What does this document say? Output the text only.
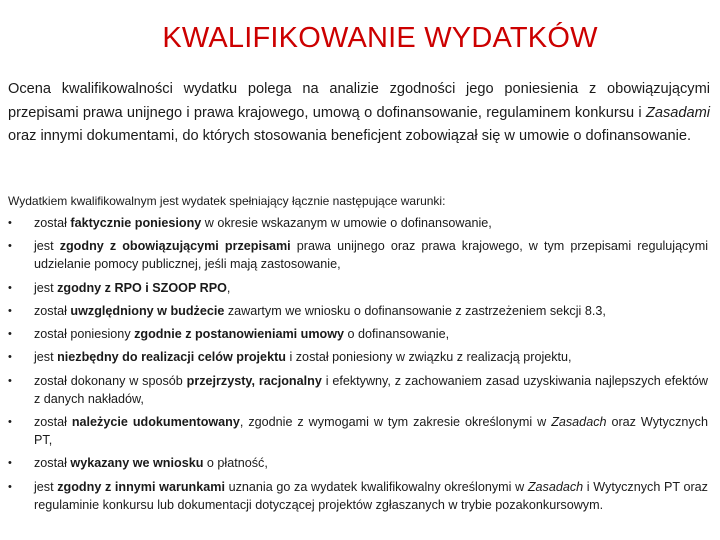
KWALIFIKOWANIE WYDATKÓW

Ocena kwalifikowalności wydatku polega na analizie zgodności jego poniesienia z obowiązującymi przepisami prawa unijnego i prawa krajowego, umową o dofinansowanie, regulaminem konkursu i Zasadami oraz innymi dokumentami, do których stosowania beneficjent zobowiązał się w umowie o dofinansowanie.

Wydatkiem kwalifikowalnym jest wydatek spełniający łącznie następujące warunki:

• został faktycznie poniesiony w okresie wskazanym w umowie o dofinansowanie,
• jest zgodny z obowiązującymi przepisami prawa unijnego oraz prawa krajowego, w tym przepisami regulującymi udzielanie pomocy publicznej, jeśli mają zastosowanie,
• jest zgodny z RPO i SZOOP RPO,
• został uwzględniony w budżecie zawartym we wniosku o dofinansowanie z zastrzeżeniem sekcji 8.3,
• został poniesiony zgodnie z postanowieniami umowy o dofinansowanie,
• jest niezbędny do realizacji celów projektu i został poniesiony w związku z realizacją projektu,
• został dokonany w sposób przejrzysty, racjonalny i efektywny, z zachowaniem zasad uzyskiwania najlepszych efektów z danych nakładów,
• został należycie udokumentowany, zgodnie z wymogami w tym zakresie określonymi w Zasadach oraz Wytycznych PT,
• został wykazany we wniosku o płatność,
• jest zgodny z innymi warunkami uznania go za wydatek kwalifikowalny określonymi w Zasadach i Wytycznych PT oraz regulaminie konkursu lub dokumentacji dotyczącej projektów zgłaszanych w trybie pozakonkursowym.
